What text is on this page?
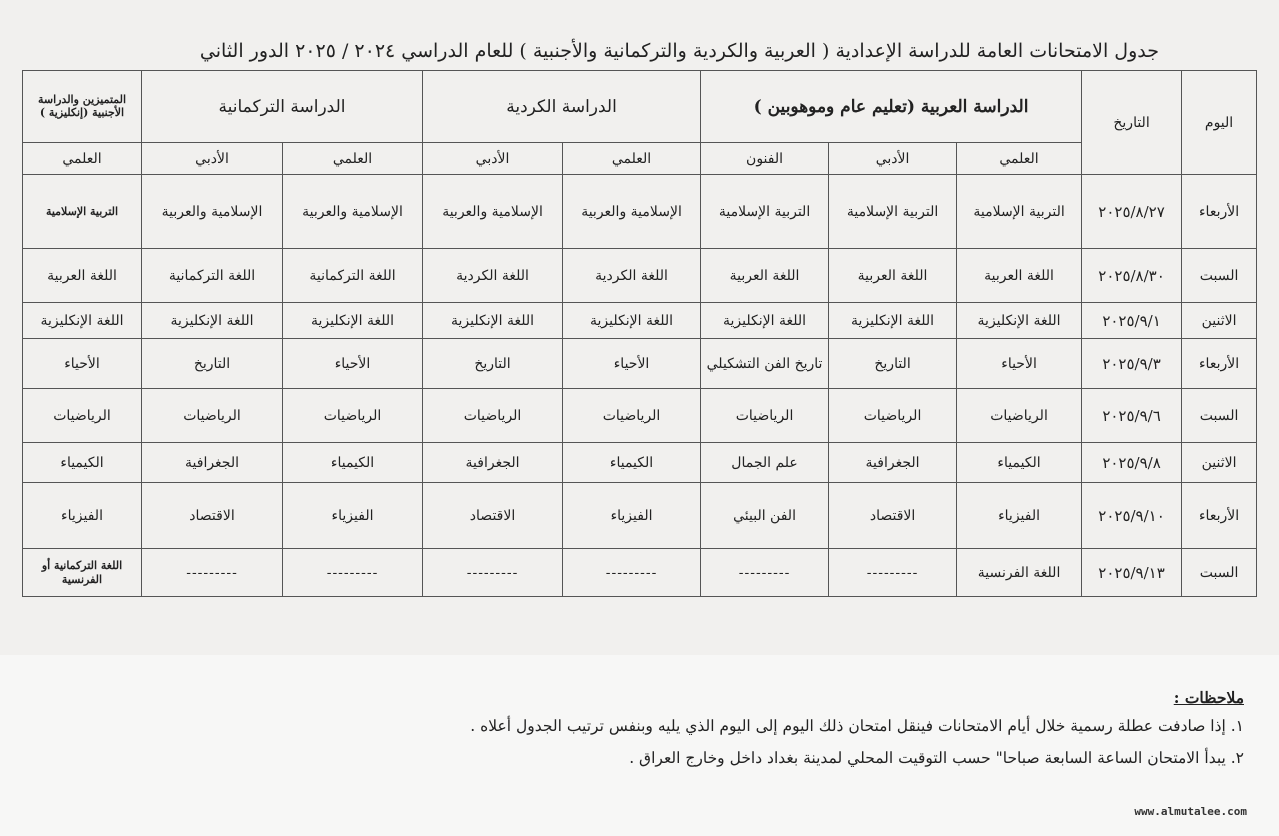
جدول الامتحانات العامة للدراسة الإعدادية ( العربية والكردية والتركمانية والأجنبية ) للعام الدراسي ٢٠٢٤ / ٢٠٢٥ الدور الثاني
اليوم	التاريخ	الدراسة العربية (تعليم عام وموهوبين )			الدراسة الكردية		الدراسة التركمانية		المتميزين والدراسة الأجنبية (إنكليزية )
		العلمي	الأدبي	الفنون	العلمي	الأدبي	العلمي	الأدبي	العلمي
الأربعاء	٢٠٢٥/٨/٢٧	التربية الإسلامية	التربية الإسلامية	التربية الإسلامية	الإسلامية والعربية	الإسلامية والعربية	الإسلامية والعربية	الإسلامية والعربية	التربية الإسلامية
السبت	٢٠٢٥/٨/٣٠	اللغة العربية	اللغة العربية	اللغة العربية	اللغة الكردية	اللغة الكردية	اللغة التركمانية	اللغة التركمانية	اللغة العربية
الاثنين	٢٠٢٥/٩/١	اللغة الإنكليزية	اللغة الإنكليزية	اللغة الإنكليزية	اللغة الإنكليزية	اللغة الإنكليزية	اللغة الإنكليزية	اللغة الإنكليزية	اللغة الإنكليزية
الأربعاء	٢٠٢٥/٩/٣	الأحياء	التاريخ	تاريخ الفن التشكيلي	الأحياء	التاريخ	الأحياء	التاريخ	الأحياء
السبت	٢٠٢٥/٩/٦	الرياضيات	الرياضيات	الرياضيات	الرياضيات	الرياضيات	الرياضيات	الرياضيات	الرياضيات
الاثنين	٢٠٢٥/٩/٨	الكيمياء	الجغرافية	علم الجمال	الكيمياء	الجغرافية	الكيمياء	الجغرافية	الكيمياء
الأربعاء	٢٠٢٥/٩/١٠	الفيزياء	الاقتصاد	الفن البيئي	الفيزياء	الاقتصاد	الفيزياء	الاقتصاد	الفيزياء
السبت	٢٠٢٥/٩/١٣	اللغة الفرنسية	---------	---------	---------	---------	---------	---------	اللغة التركمانية أو الفرنسية
ملاحظات :
١. إذا صادفت عطلة رسمية خلال أيام الامتحانات فينقل امتحان ذلك اليوم إلى اليوم الذي يليه وبنفس ترتيب الجدول أعلاه .
٢. يبدأ الامتحان الساعة السابعة صباحا" حسب التوقيت المحلي لمدينة بغداد داخل وخارج العراق .
www.almutalee.com
